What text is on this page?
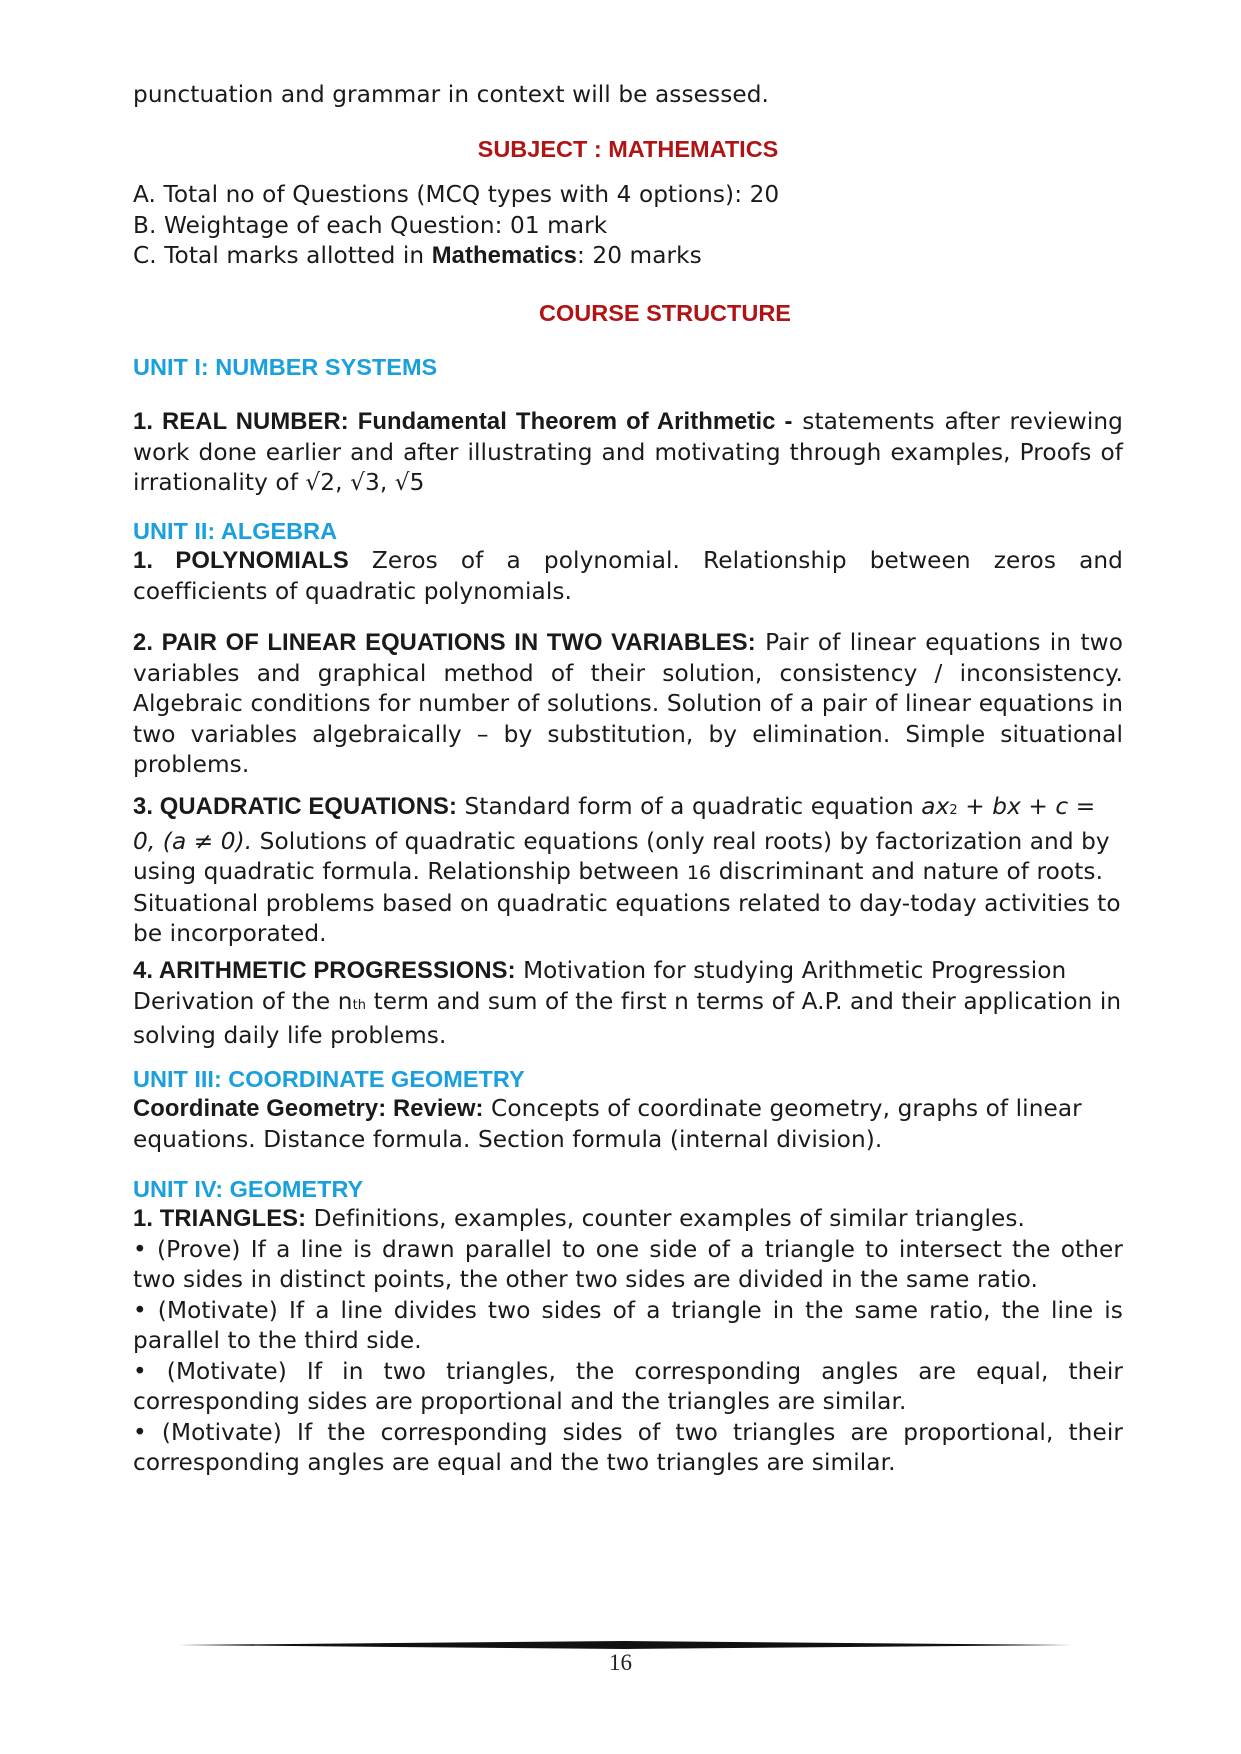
punctuation and grammar in context will be assessed.

SUBJECT : MATHEMATICS

A. Total no of Questions (MCQ types with 4 options): 20

B. Weightage of each Question: 01 mark

C. Total marks allotted in Mathematics: 20 marks

COURSE STRUCTURE

UNIT I: NUMBER SYSTEMS

1. REAL NUMBER: Fundamental Theorem of Arithmetic - statements after reviewing work done earlier and after illustrating and motivating through examples, Proofs of irrationality of √2, √3, √5

UNIT II: ALGEBRA

1. POLYNOMIALS Zeros of a polynomial. Relationship between zeros and coefficients of quadratic polynomials.

2. PAIR OF LINEAR EQUATIONS IN TWO VARIABLES: Pair of linear equations in two variables and graphical method of their solution, consistency / inconsistency. Algebraic conditions for number of solutions. Solution of a pair of linear equations in two variables algebraically – by substitution, by elimination. Simple situational problems.

3. QUADRATIC EQUATIONS: Standard form of a quadratic equation ax2 + bx + c =
0, (a ≠ 0). Solutions of quadratic equations (only real roots) by factorization and by using quadratic formula. Relationship between 16 discriminant and nature of roots. Situational problems based on quadratic equations related to day-today activities to be incorporated.

4. ARITHMETIC PROGRESSIONS: Motivation for studying Arithmetic Progression Derivation of the nth term and sum of the first n terms of A.P. and their application in solving daily life problems.

UNIT III: COORDINATE GEOMETRY

Coordinate Geometry: Review: Concepts of coordinate geometry, graphs of linear equations. Distance formula. Section formula (internal division).

UNIT IV: GEOMETRY

1. TRIANGLES: Definitions, examples, counter examples of similar triangles.

• (Prove) If a line is drawn parallel to one side of a triangle to intersect the other two sides in distinct points, the other two sides are divided in the same ratio.

• (Motivate) If a line divides two sides of a triangle in the same ratio, the line is parallel to the third side.

• (Motivate) If in two triangles, the corresponding angles are equal, their corresponding sides are proportional and the triangles are similar.

• (Motivate) If the corresponding sides of two triangles are proportional, their corresponding angles are equal and the two triangles are similar.

16
